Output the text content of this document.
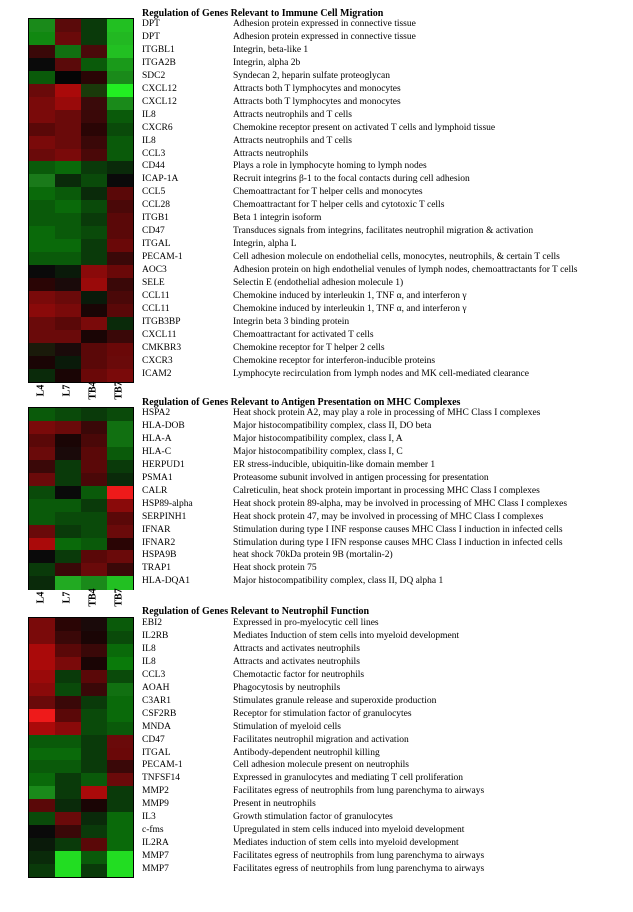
Regulation of Genes Relevant to Immune Cell Migration
DPT	Adhesion protein expressed in connective tissue
DPT	Adhesion protein expressed in connective tissue
ITGBL1	Integrin, beta-like 1
ITGA2B	Integrin, alpha 2b
SDC2	Syndecan 2, heparin sulfate proteoglycan
CXCL12	Attracts both T lymphocytes and monocytes
CXCL12	Attracts both T lymphocytes and monocytes
IL8	Attracts neutrophils and T cells
CXCR6	Chemokine receptor present on activated T cells and lymphoid tissue
IL8	Attracts neutrophils and T cells
CCL3	Attracts neutrophils
CD44	Plays a role in lymphocyte homing to lymph nodes
ICAP-1A	Recruit integrins β-1 to the focal contacts during cell adhesion
CCL5	Chemoattractant for T helper cells and monocytes
CCL28	Chemoattractant for T helper cells and cytotoxic T cells
ITGB1	Beta 1 integrin isoform
CD47	Transduces signals from integrins, facilitates neutrophil migration & activation
ITGAL	Integrin, alpha L
PECAM-1	Cell adhesion molecule on endothelial cells, monocytes, neutrophils, & certain T cells
AOC3	Adhesion protein on high endothelial venules of lymph nodes, chemoattractants for T cells
SELE	Selectin E (endothelial adhesion molecule 1)
CCL11	Chemokine induced by interleukin 1, TNF α, and interferon γ
CCL11	Chemokine induced by interleukin 1, TNF α, and interferon γ
ITGB3BP	Integrin beta 3 binding protein
CXCL11	Chemoattractant for activated T cells
CMKBR3	Chemokine receptor for T helper 2 cells
CXCR3	Chemokine receptor for interferon-inducible proteins
ICAM2	Lymphocyte recirculation from lymph nodes and MK cell-mediated clearance
L4 L7 TB4 TB7
Regulation of Genes Relevant to Antigen Presentation on MHC Complexes
HSPA2	Heat shock protein A2, may play a role in processing of MHC Class I complexes
HLA-DOB	Major histocompatibility complex, class II, DO beta
HLA-A	Major histocompatibility complex, class I, A
HLA-C	Major histocompatibility complex, class I, C
HERPUD1	ER stress-inducible, ubiquitin-like domain member 1
PSMA1	Proteasome subunit involved in antigen processing for presentation
CALR	Calreticulin, heat shock protein important in processing MHC Class I complexes
HSP89-alpha	Heat shock protein 89-alpha, may be involved in processing of MHC Class I complexes
SERPINH1	Heat shock protein 47, may be involved in processing of MHC Class I complexes
IFNAR	Stimulation during type I INF response causes MHC Class I induction in infected cells
IFNAR2	Stimulation during type I IFN response causes MHC Class I induction in infected cells
HSPA9B	heat shock 70kDa protein 9B (mortalin-2)
TRAP1	Heat shock protein 75
HLA-DQA1	Major histocompatibility complex, class II, DQ alpha 1
L4 L7 TB4 TB7
Regulation of Genes Relevant to Neutrophil Function
EBI2	Expressed in pro-myelocytic cell lines
IL2RB	Mediates Induction of stem cells into myeloid development
IL8	Attracts and activates neutrophils
IL8	Attracts and activates neutrophils
CCL3	Chemotactic factor for neutrophils
AOAH	Phagocytosis by neutrophils
C3AR1	Stimulates granule release and superoxide production
CSF2RB	Receptor for stimulation factor of granulocytes
MNDA	Stimulation of myeloid cells
CD47	Facilitates neutrophil migration and activation
ITGAL	Antibody-dependent neutrophil killing
PECAM-1	Cell adhesion molecule present on neutrophils
TNFSF14	Expressed in granulocytes and mediating T cell proliferation
MMP2	Facilitates egress of neutrophils from lung parenchyma to airways
MMP9	Present in neutrophils
IL3	Growth stimulation factor of granulocytes
c-fms	Upregulated in stem cells induced into myeloid development
IL2RA	Mediates induction of stem cells into myeloid development
MMP7	Facilitates egress of neutrophils from lung parenchyma to airways
MMP7	Facilitates egress of neutrophils from lung parenchyma to airways
